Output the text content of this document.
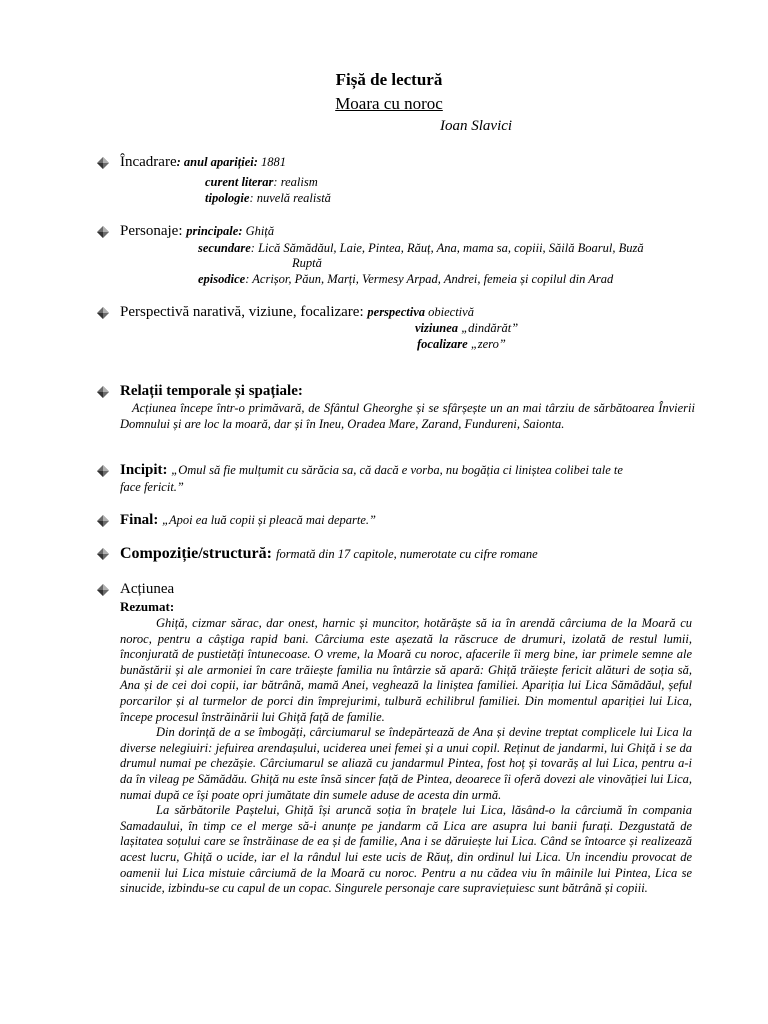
Fișă de lectură
Moara cu noroc
Ioan Slavici
Încadrare: anul apariției: 1881
curent literar: realism
tipologie: nuvelă realistă
Personaje: principale: Ghiță
secundare: Lică Sămădăul, Laie, Pintea, Răuț, Ana, mama sa, copiii, Săilă Boarul, Buză
Ruptă
episodice: Acrișor, Păun, Marți, Vermesy Arpad, Andrei, femeia și copilul din Arad
Perspectivă narativă, viziune, focalizare: perspectiva obiectivă
viziunea „dindărăt”
focalizare „zero”
Relații temporale și spațiale:

Acțiunea începe într-o primăvară, de Sfântul Gheorghe și se sfârșește un an mai târziu de sărbătoarea Învierii Domnului și are loc la moară, dar și în Ineu, Oradea Mare, Zarand, Fundureni, Saionta.

Incipit: „Omul să fie mulțumit cu sărăcia sa, că dacă e vorba, nu bogăția ci liniștea colibei tale te
face fericit.”
Final: „Apoi ea luă copii și pleacă mai departe.”
Compoziție/structură: formată din 17 capitole, numerotate cu cifre romane
Acțiunea
Rezumat:

Ghiță, cizmar sărac, dar onest, harnic și muncitor, hotărăște să ia în arendă cârciuma de la Moară cu noroc, pentru a câștiga rapid bani. Cârciuma este așezată la răscruce de drumuri, izolată de restul lumii, înconjurată de pustietăți întunecoase. O vreme, la Moară cu noroc, afacerile îi merg bine, iar primele semne ale bunăstării și ale armoniei în care trăiește familia nu întârzie să apară: Ghiță trăiește fericit alături de soția să, Ana și de cei doi copii, iar bătrână, mamă Anei, veghează la liniștea familiei. Apariția lui Lica Sămădăul, șeful porcarilor și al turmelor de porci din împrejurimi, tulbură echilibrul familiei. Din momentul apariției lui Lica, începe procesul înstrăinării lui Ghiță față de familie.

Din dorință de a se îmbogăți, cârciumarul se îndepărtează de Ana și devine treptat complicele lui Lica la diverse nelegiuiri: jefuirea arendașului, uciderea unei femei și a unui copil. Reținut de jandarmi, lui Ghiță i se da drumul numai pe chezășie. Cârciumarul se aliază cu jandarmul Pintea, fost hoț și tovarăș al lui Lica, pentru a-i da în vileag pe Sămădău. Ghiță nu este însă sincer față de Pintea, deoarece îi oferă dovezi ale vinovăției lui Lica, numai după ce își poate opri jumătate din sumele aduse de acesta din urmă.

La sărbătorile Paștelui, Ghiță își aruncă soția în brațele lui Lica, lăsând-o la cârciumă în compania Samadaului, în timp ce el merge să-i anunțe pe jandarm că Lica are asupra lui banii furați. Dezgustată de lașitatea soțului care se înstrăinase de ea și de familie, Ana i se dăruiește lui Lica. Când se întoarce și realizează acest lucru, Ghiță o ucide, iar el la rândul lui este ucis de Răuț, din ordinul lui Lica. Un incendiu provocat de oamenii lui Lica mistuie cârciumă de la Moară cu noroc. Pentru a nu cădea viu în mâinile lui Pintea, Lica se sinucide, izbindu-se cu capul de un copac. Singurele personaje care supraviețuiesc sunt bătrână și copiii.
